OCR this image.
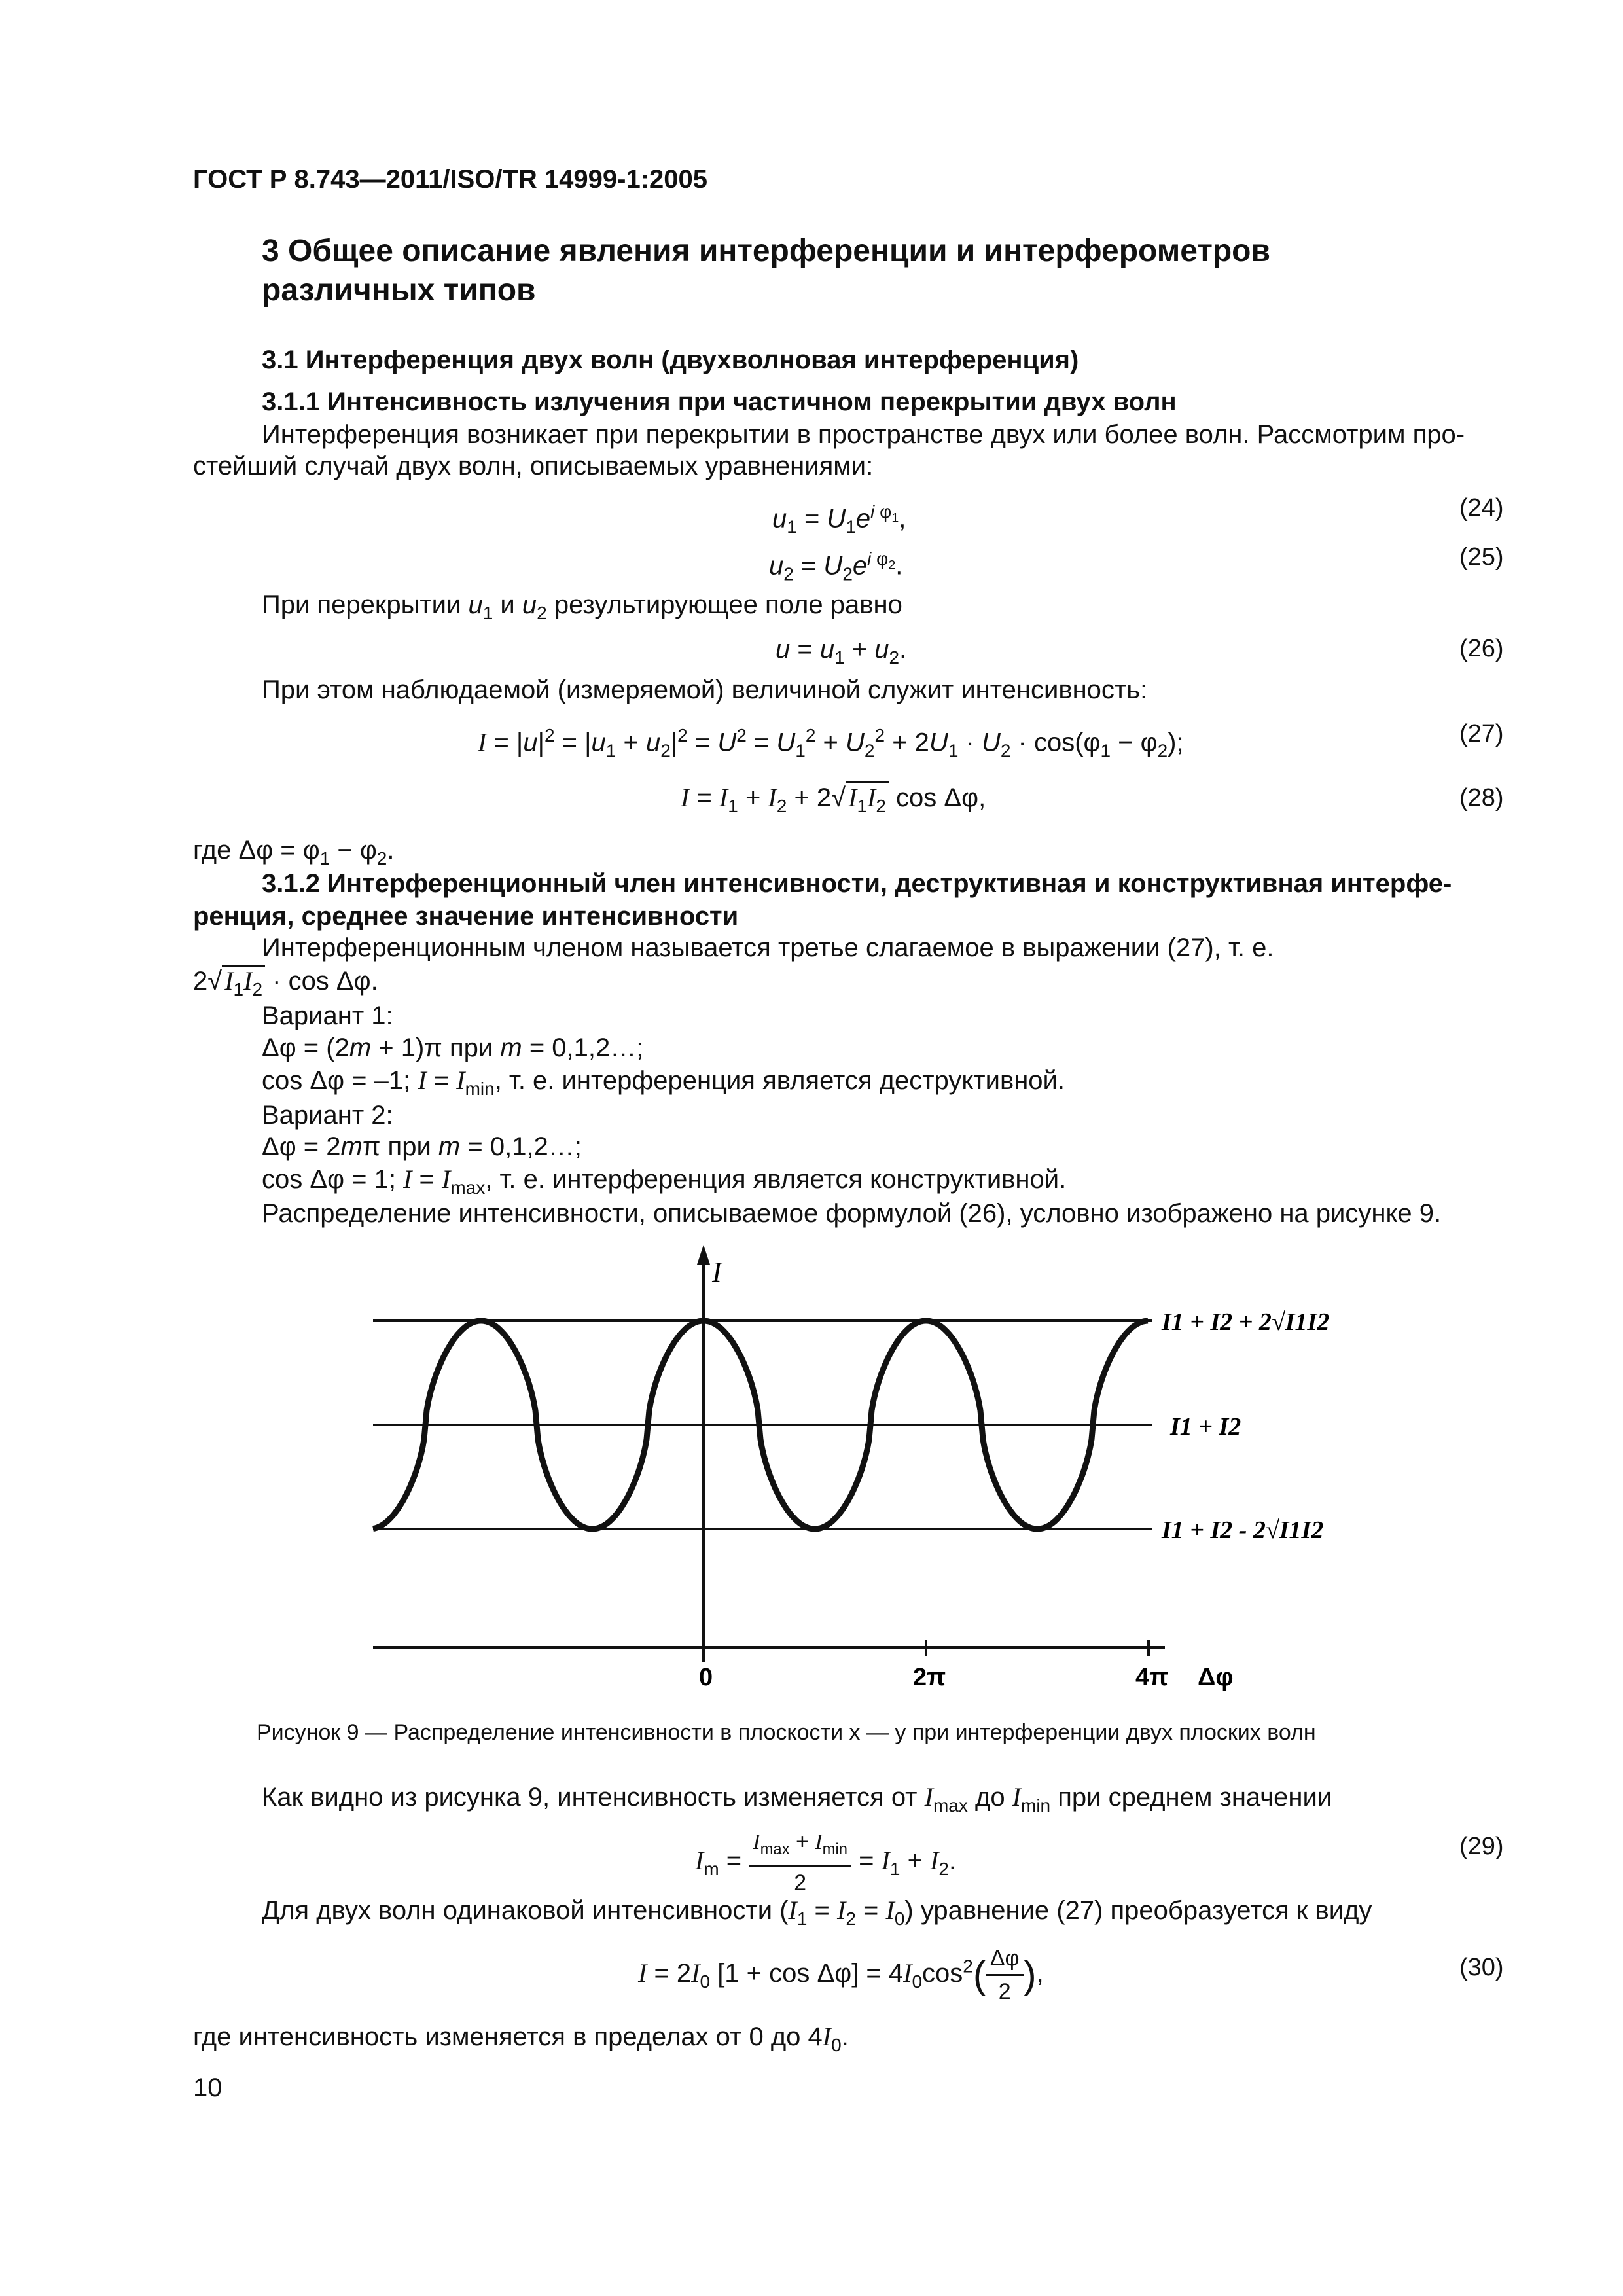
ГОСТ Р 8.743—2011/ISO/TR 14999-1:2005
3 Общее описание явления интерференции и интерферометров
различных типов
3.1 Интерференция двух волн (двухволновая интерференция)
3.1.1 Интенсивность излучения при частичном перекрытии двух волн
Интерференция возникает при перекрытии в пространстве двух или более волн. Рассмотрим про-
стейший случай двух волн, описываемых уравнениями:
$u_1 = U_1e^{i \varphi_1}$,	(24)
$u_2 = U_2e^{i \varphi_2}$.	(25)
При перекрытии $u_1$ и $u_2$ результирующее поле равно
$u = u_1 + u_2$.	(26)
При этом наблюдаемой (измеряемой) величиной служит интенсивность:
$I = |u|^2 = |u_1 + u_2|^2 = U^2 = U_1^2 + U_2^2 + 2U_1 \cdot U_2 \cdot \cos(\varphi_1 - \varphi_2)$;	(27)
$I = I_1 + I_2 + 2√$ $I_1I_2$ cos Δφ,	(28)
где $\Delta\varphi = \varphi_1 - \varphi_2$.
3.1.2 Интерференционный член интенсивности, деструктивная и конструктивная интерфе-
ренция, среднее значение интенсивности
Интерференционным членом называется третье слагаемое в выражении (27), т. е.
2√ $I_1I_2 \cdot \cos \Delta\varphi$.
Вариант 1:
Δφ = (2m + 1)π при m = 0,1,2…;
cos Δφ = –1; $I = I_{min}$, т. е. интерференция является деструктивной.
Вариант 2:
Δφ = 2mπ при m = 0,1,2…;
cos Δφ = 1; $I = I_{max}$, т. е. интерференция является конструктивной.
Распределение интенсивности, описываемое формулой (26), условно изображено на рисунке 9.
I
0	2π	4π Δφ
I1 + I2 + 2√I1I2
I1 + I2
I1 + I2 - 2√I1I2
Рисунок 9 — Распределение интенсивности в плоскости x — y при интерференции двух плоских волн
Как видно из рисунка 9, интенсивность изменяется от $I_{max}$ до $I_{min}$ при среднем значении
$I_m = \frac{I_{max} + I_{min}}{2} = I_1 + I_2$.	(29)
Для двух волн одинаковой интенсивности $(I_1 = I_2 = I_0)$ уравнение (27) преобразуется к виду
$I = 2I_0$ $[1 + \cos \Delta\varphi] = 4I_0\cos^2( \frac{\Delta\varphi}{2}$ ),	(30)
где интенсивность изменяется в пределах от 0 до $4I_0$.
10
